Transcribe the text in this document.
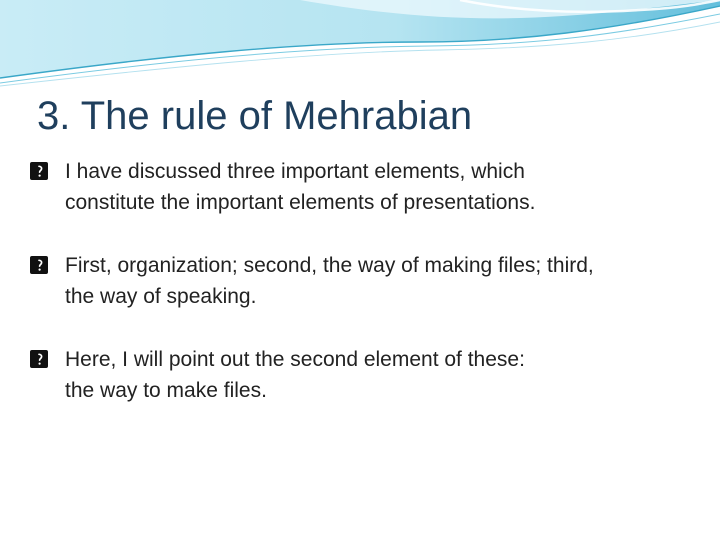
3. The rule of Mehrabian
I have discussed three important elements, which
constitute the important elements of presentations.
First, organization; second, the way of making files; third,
the way of speaking.
Here, I will point out the second element of these:
the way to make files.
